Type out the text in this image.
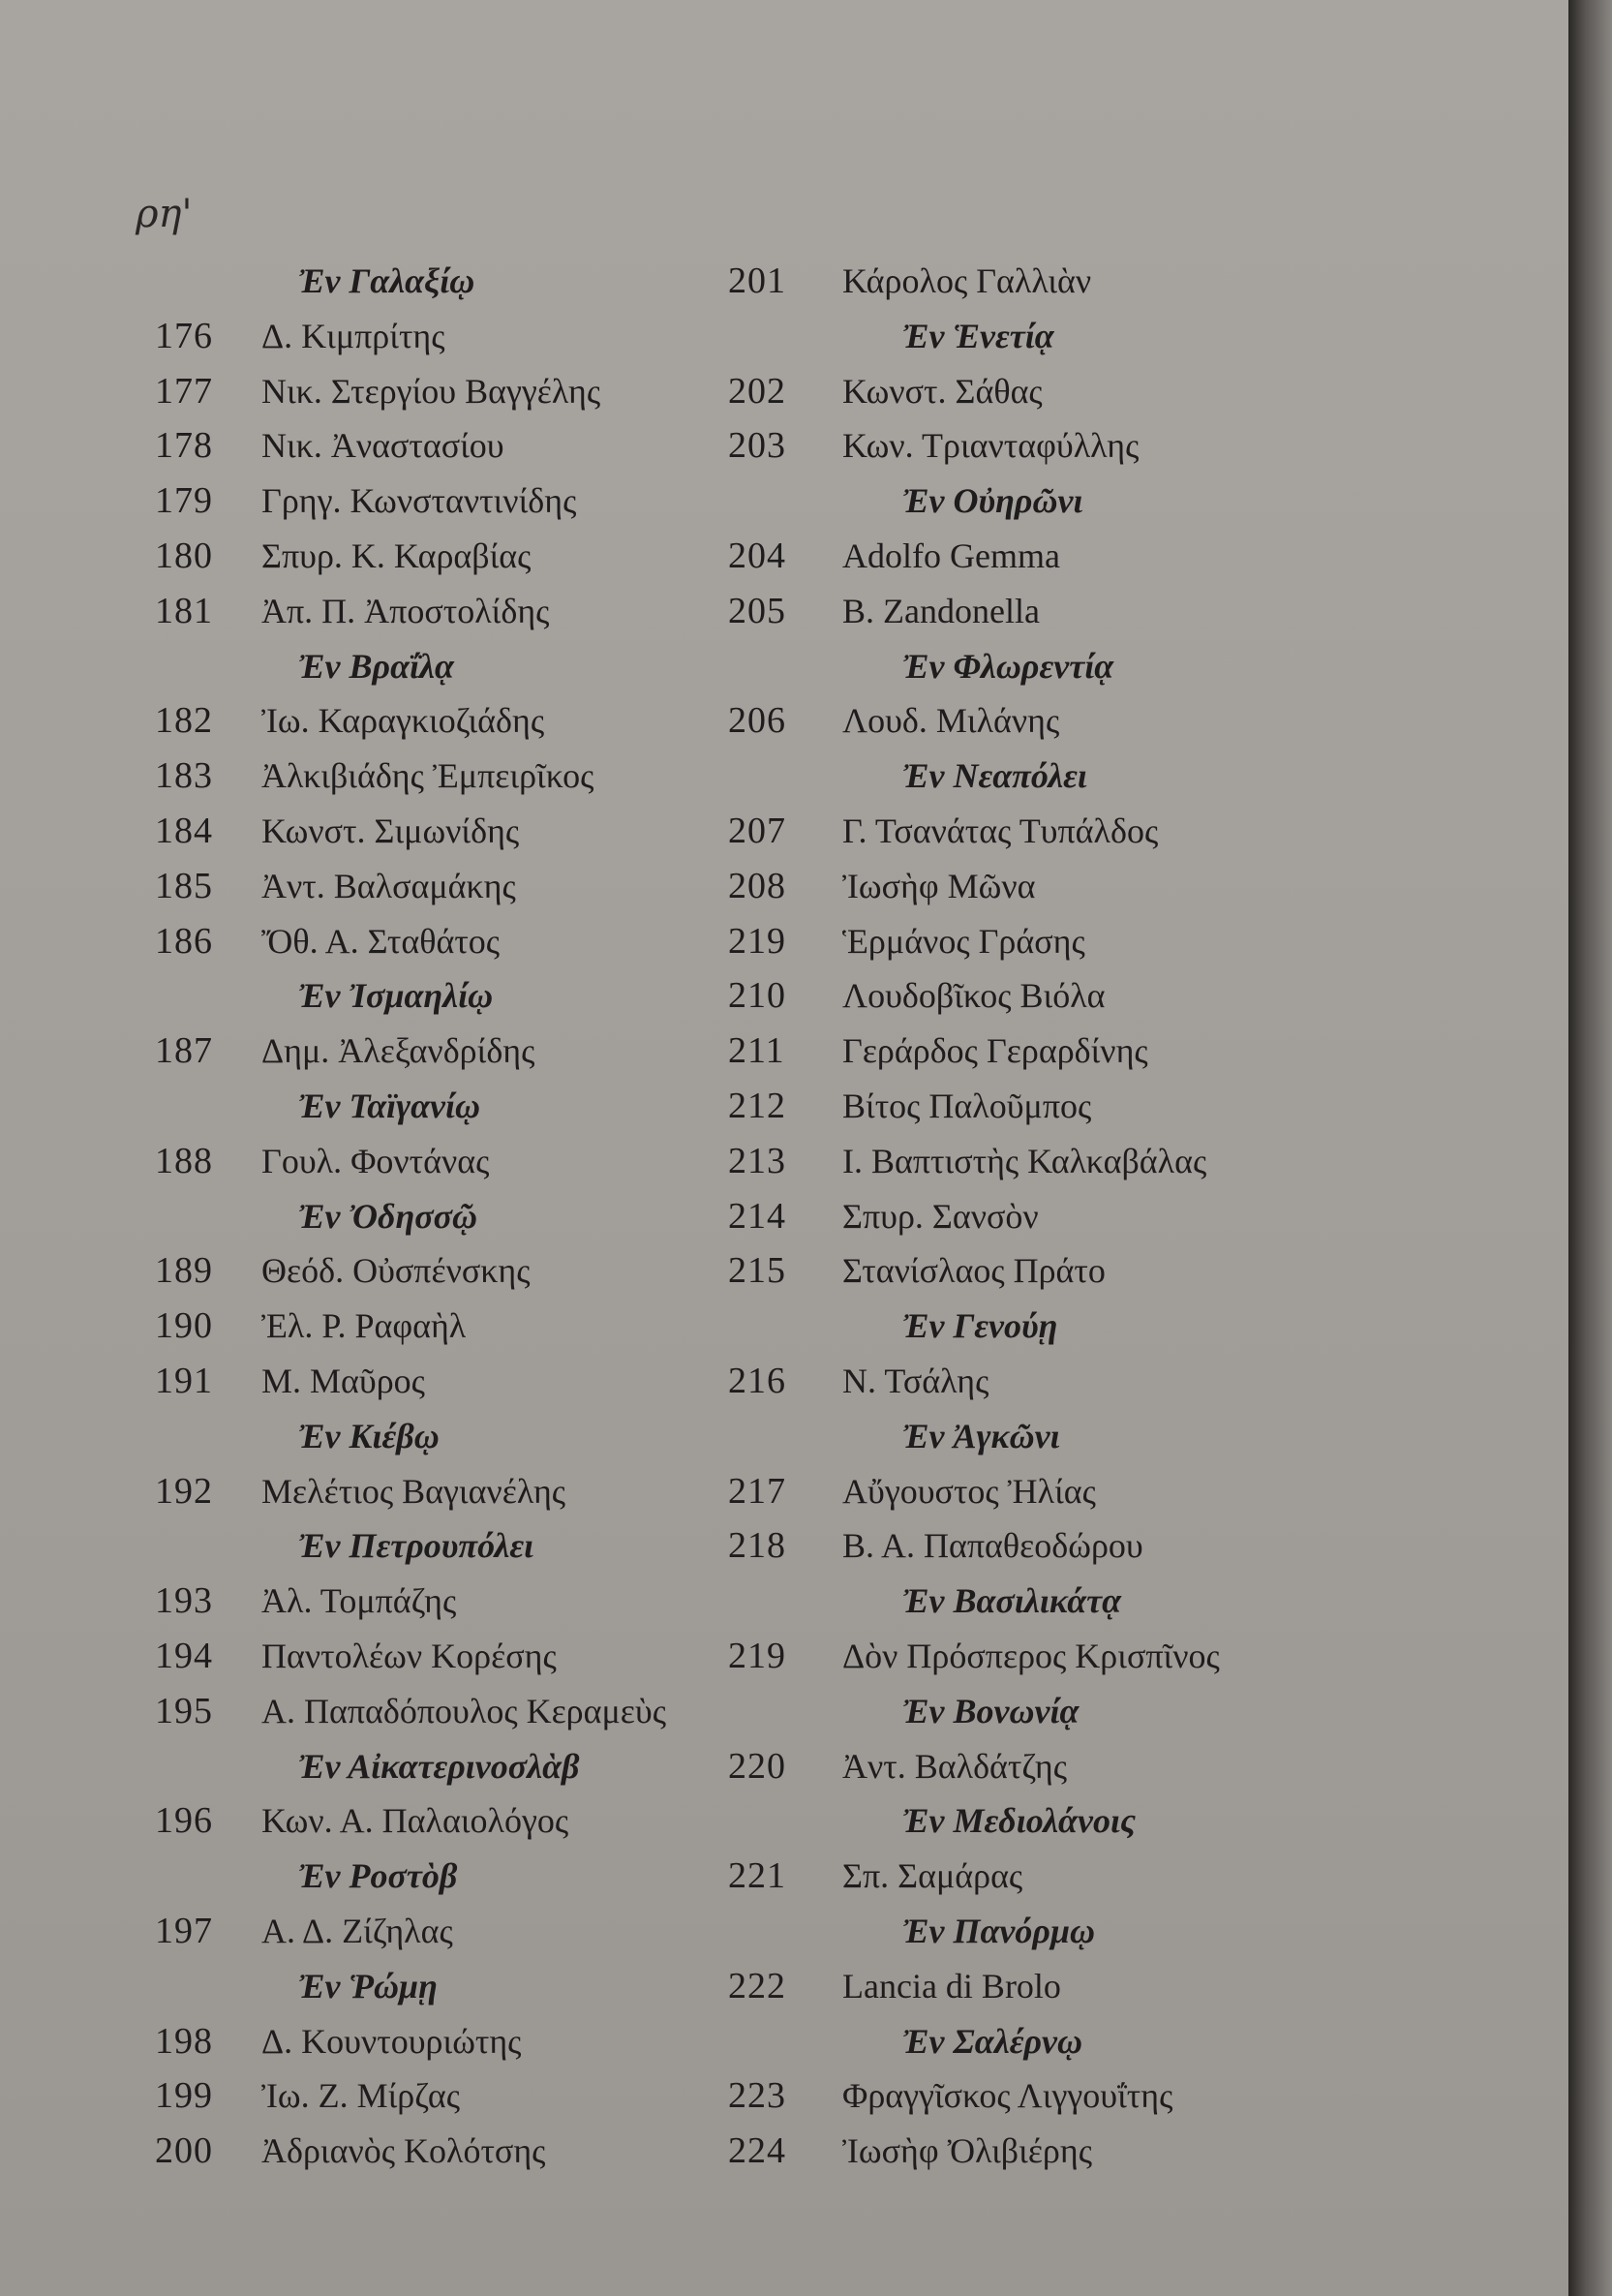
ρη'

Ἐν Γαλαξίῳ
176	Δ. Κιμπρίτης
177	Νικ. Στεργίου Βαγγέλης
178	Νικ. Ἀναστασίου
179	Γρηγ. Κωνσταντινίδης
180	Σπυρ. Κ. Καραβίας
181	Ἀπ. Π. Ἀποστολίδης
Ἐν Βραΐλᾳ
182	Ἰω. Καραγκιοζιάδης
183	Ἀλκιβιάδης Ἐμπειρῖκος
184	Κωνστ. Σιμωνίδης
185	Ἀντ. Βαλσαμάκης
186	Ὄθ. Α. Σταθάτος
Ἐν Ἰσμαηλίῳ
187	Δημ. Ἀλεξανδρίδης
Ἐν Ταϊγανίῳ
188	Γουλ. Φοντάνας
Ἐν Ὀδησσῷ
189	Θεόδ. Οὐσπένσκης
190	Ἐλ. Ρ. Ραφαὴλ
191	Μ. Μαῦρος
Ἐν Κιέβῳ
192	Μελέτιος Βαγιανέλης
Ἐν Πετρουπόλει
193	Ἀλ. Τομπάζης
194	Παντολέων Κορέσης
195	Α. Παπαδόπουλος Κεραμεὺς
Ἐν Αἰκατερινοσλὰβ
196	Κων. Α. Παλαιολόγος
Ἐν Ροστὸβ
197	Α. Δ. Ζίζηλας
Ἐν Ῥώμῃ
198	Δ. Κουντουριώτης
199	Ἰω. Ζ. Μίρζας
200	Ἀδριανὸς Κολότσης
201	Κάρολος Γαλλιὰν
Ἐν Ἑνετίᾳ
202	Κωνστ. Σάθας
203	Κων. Τριανταφύλλης
Ἐν Οὐηρῶνι
204	Adolfo Gemma
205	B. Zandonella
Ἐν Φλωρεντίᾳ
206	Λουδ. Μιλάνης
Ἐν Νεαπόλει
207	Γ. Τσανάτας Τυπάλδος
208	Ἰωσὴφ Μῶνα
219	Ἑρμάνος Γράσης
210	Λουδοβῖκος Βιόλα
211	Γεράρδος Γεραρδίνης
212	Βίτος Παλοῦμπος
213	Ι. Βαπτιστὴς Καλκαβάλας
214	Σπυρ. Σανσὸν
215	Στανίσλαος Πράτο
Ἐν Γενούῃ
216	Ν. Τσάλης
Ἐν Ἀγκῶνι
217	Αὔγουστος Ἠλίας
218	Β. Α. Παπαθεοδώρου
Ἐν Βασιλικάτᾳ
219	Δὸν Πρόσπερος Κρισπῖνος
Ἐν Βονωνίᾳ
220	Ἀντ. Βαλδάτζης
Ἐν Μεδιολάνοις
221	Σπ. Σαμάρας
Ἐν Πανόρμῳ
222	Lancia di Brolo
Ἐν Σαλέρνῳ
223	Φραγγῖσκος Λιγγουΐτης
224	Ἰωσὴφ Ὀλιβιέρης
